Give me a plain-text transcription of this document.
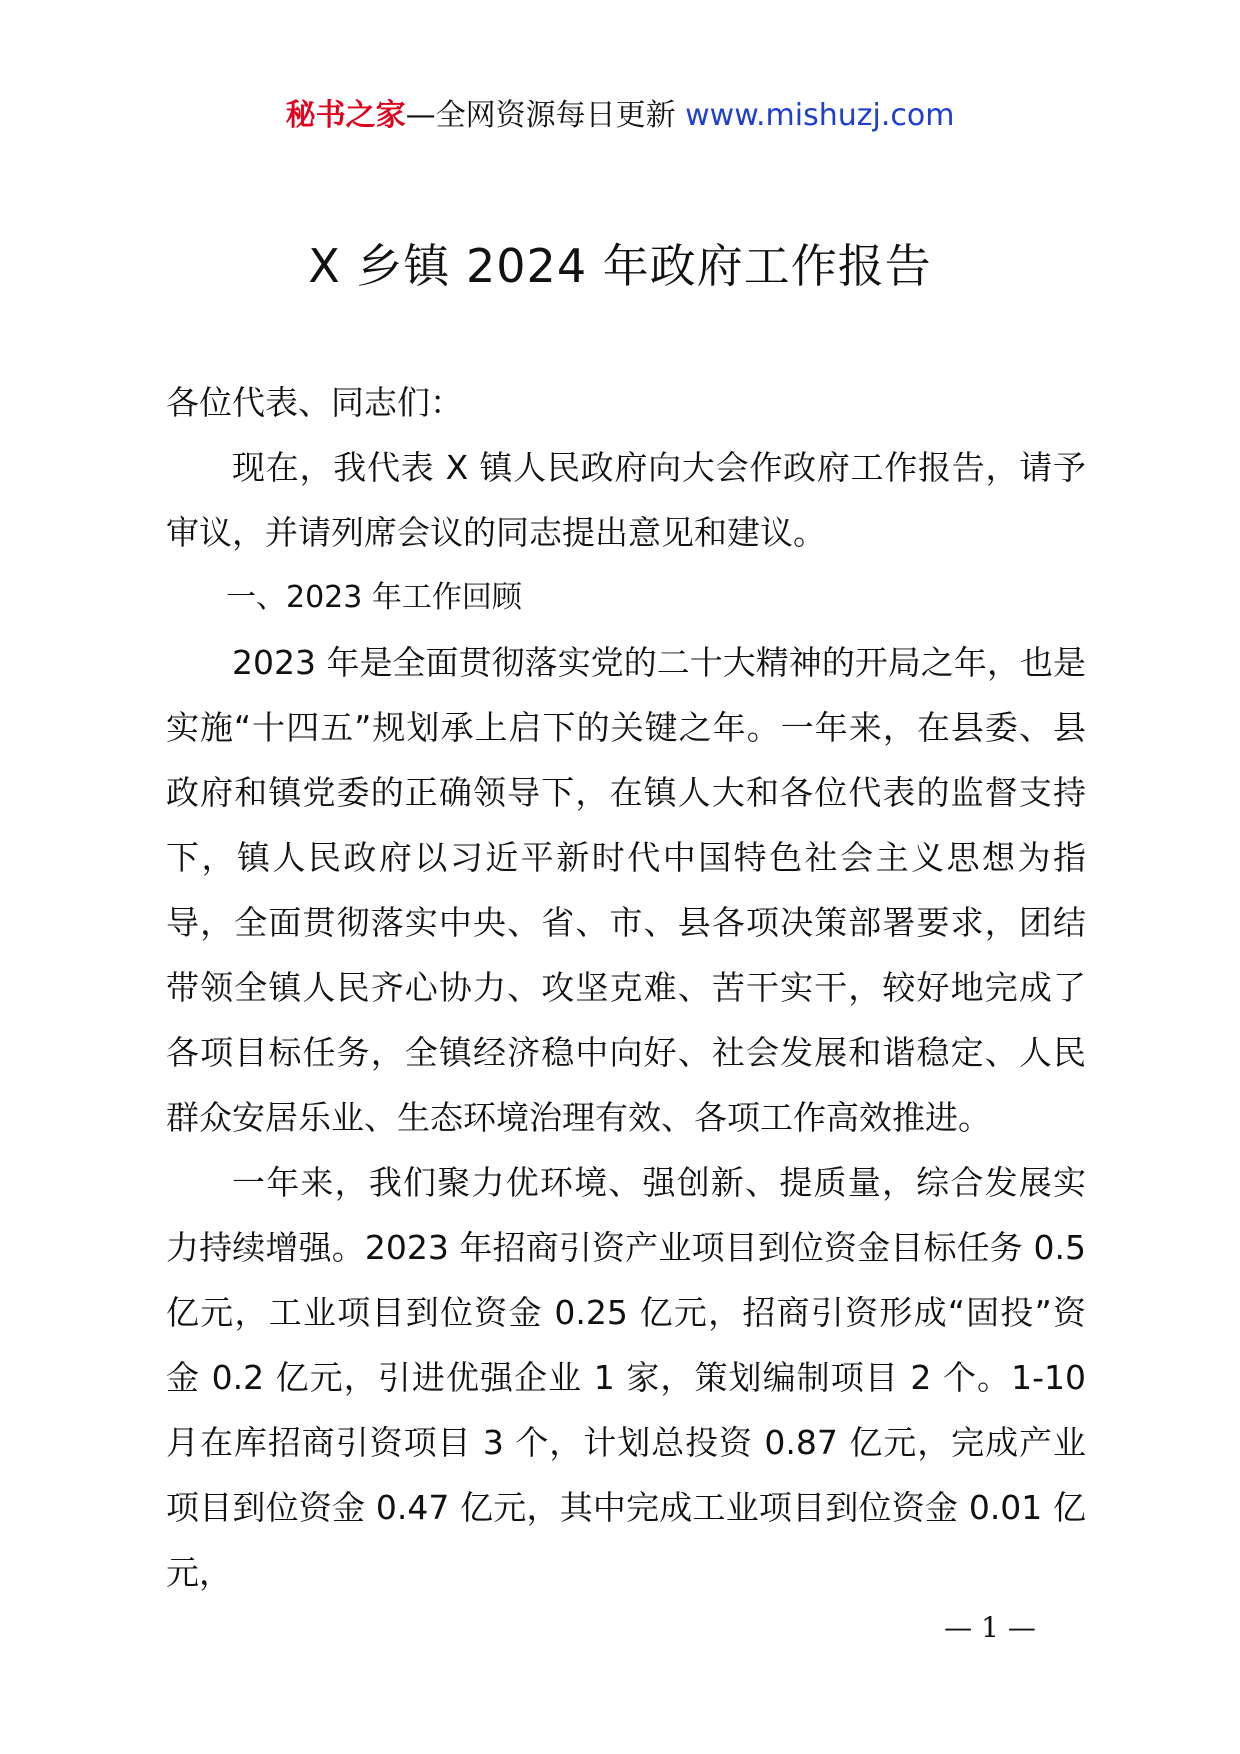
秘书之家—全网资源每日更新 www.mishuzj.com
X 乡镇 2024 年政府工作报告

各位代表、同志们：

现在，我代表 X 镇人民政府向大会作政府工作报告，请予审议，并请列席会议的同志提出意见和建议。

一、2023 年工作回顾

2023 年是全面贯彻落实党的二十大精神的开局之年，也是实施“十四五”规划承上启下的关键之年。一年来，在县委、县政府和镇党委的正确领导下，在镇人大和各位代表的监督支持下，镇人民政府以习近平新时代中国特色社会主义思想为指导，全面贯彻落实中央、省、市、县各项决策部署要求，团结带领全镇人民齐心协力、攻坚克难、苦干实干，较好地完成了各项目标任务，全镇经济稳中向好、社会发展和谐稳定、人民群众安居乐业、生态环境治理有效、各项工作高效推进。

一年来，我们聚力优环境、强创新、提质量，综合发展实力持续增强。2023 年招商引资产业项目到位资金目标任务 0.5 亿元，工业项目到位资金 0.25 亿元，招商引资形成“固投”资金 0.2 亿元，引进优强企业 1 家，策划编制项目 2 个。1-10 月在库招商引资项目 3 个，计划总投资 0.87 亿元，完成产业项目到位资金 0.47 亿元，其中完成工业项目到位资金 0.01 亿元，

— 1 —
